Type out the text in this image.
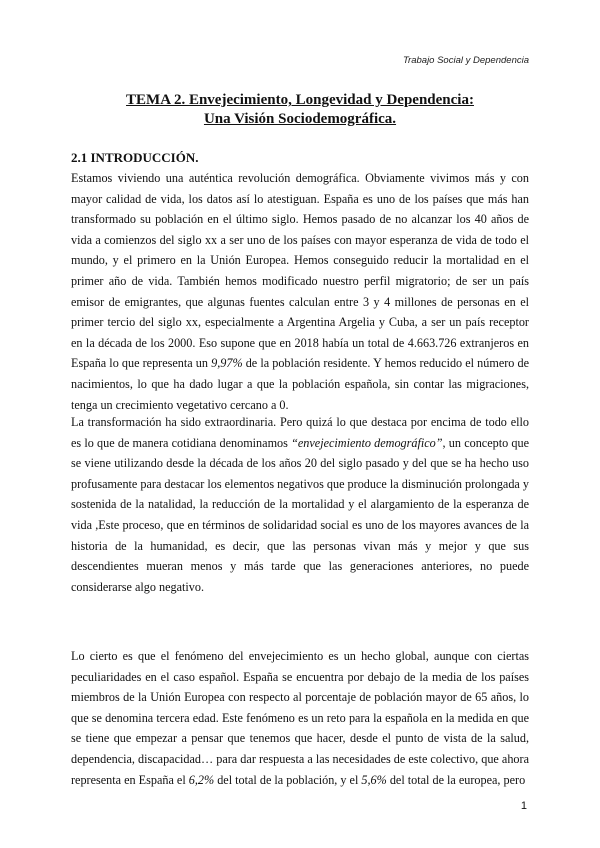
Trabajo Social y Dependencia
TEMA 2. Envejecimiento, Longevidad y Dependencia:
Una Visión Sociodemográfica.
2.1 INTRODUCCIÓN.

Estamos viviendo una auténtica revolución demográfica. Obviamente vivimos más y con mayor calidad de vida, los datos así lo atestiguan. España es uno de los países que más han transformado su población en el último siglo. Hemos pasado de no alcanzar los 40 años de vida a comienzos del siglo xx a ser uno de los países con mayor esperanza de vida de todo el mundo, y el primero en la Unión Europea. Hemos conseguido reducir la mortalidad en el primer año de vida. También hemos modificado nuestro perfil migratorio; de ser un país emisor de emigrantes, que algunas fuentes calculan entre 3 y 4 millones de personas en el primer tercio del siglo xx, especialmente a Argentina Argelia y Cuba, a ser un país receptor en la década de los 2000. Eso supone que en 2018 había un total de 4.663.726 extranjeros en España lo que representa un 9,97% de la población residente. Y hemos reducido el número de nacimientos, lo que ha dado lugar a que la población española, sin contar las migraciones, tenga un crecimiento vegetativo cercano a 0.

La transformación ha sido extraordinaria. Pero quizá lo que destaca por encima de todo ello es lo que de manera cotidiana denominamos “envejecimiento demográfico”, un concepto que se viene utilizando desde la década de los años 20 del siglo pasado y del que se ha hecho uso profusamente para destacar los elementos negativos que produce la disminución prolongada y sostenida de la natalidad, la reducción de la mortalidad y el alargamiento de la esperanza de vida ,Este proceso, que en términos de solidaridad social es uno de los mayores avances de la historia de la humanidad, es decir, que las personas vivan más y mejor y que sus descendientes mueran menos y más tarde que las generaciones anteriores, no puede considerarse algo negativo.

Lo cierto es que el fenómeno del envejecimiento es un hecho global, aunque con ciertas peculiaridades en el caso español. España se encuentra por debajo de la media de los países miembros de la Unión Europea con respecto al porcentaje de población mayor de 65 años, lo que se denomina tercera edad. Este fenómeno es un reto para la española en la medida en que se tiene que empezar a pensar que tenemos que hacer, desde el punto de vista de la salud, dependencia, discapacidad… para dar respuesta a las necesidades de este colectivo, que ahora representa en España el 6,2% del total de la población, y el 5,6% del total de la europea, pero

1
